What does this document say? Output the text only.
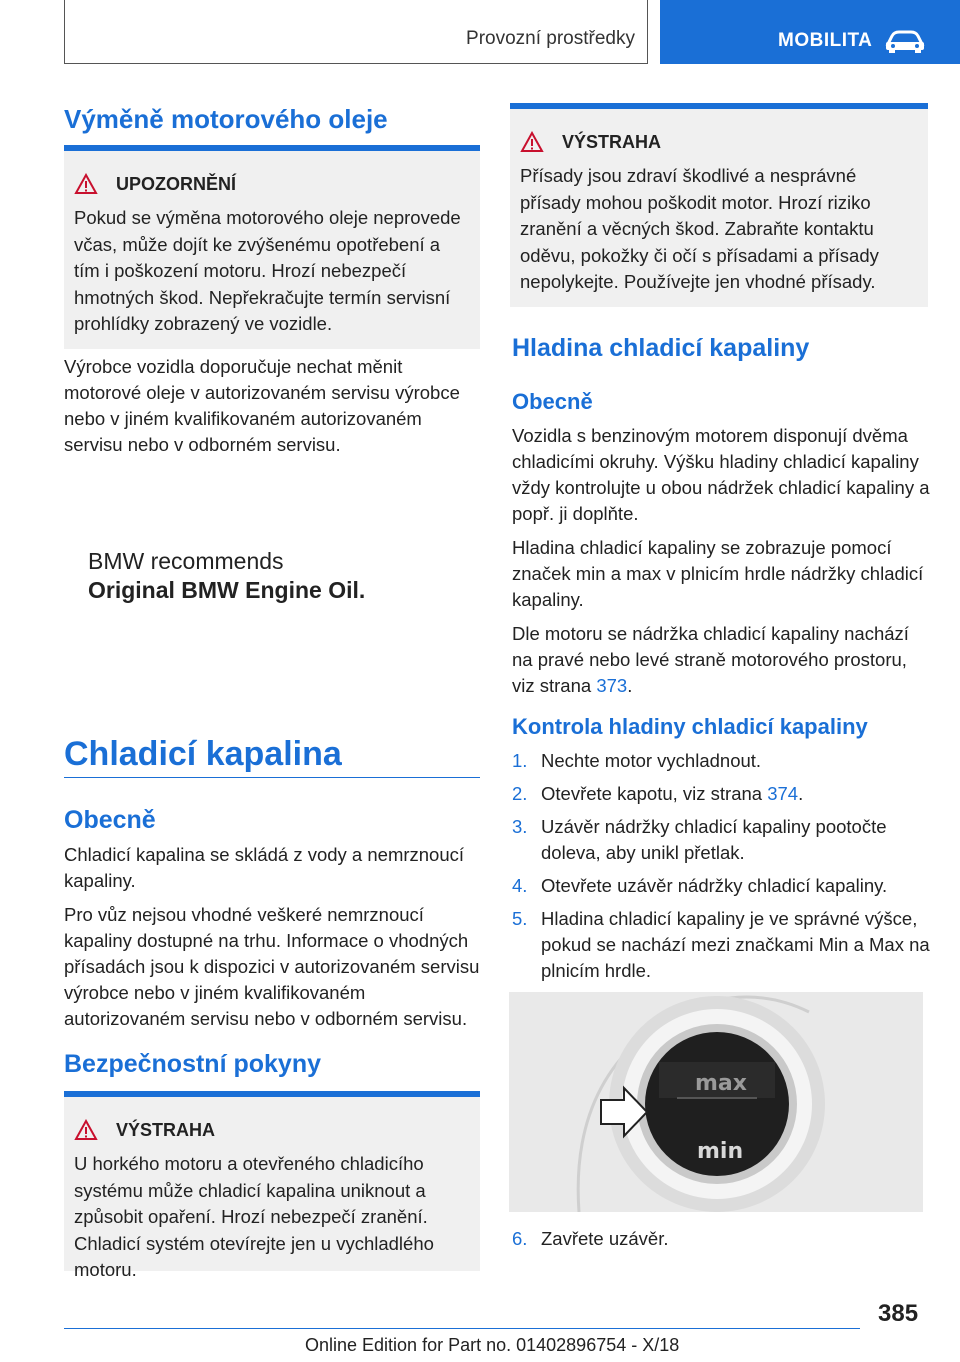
Provozní prostředky	MOBILITA
Výměně motorového oleje
UPOZORNĚNÍ
Pokud se výměna motorového oleje neprovede včas, může dojít ke zvýšenému opotřebení a tím i poškození motoru. Hrozí nebezpečí hmotných škod. Nepřekračujte termín servisní prohlídky zobrazený ve vozidle.
Výrobce vozidla doporučuje nechat měnit motorové oleje v autorizovaném servisu výrobce nebo v jiném kvalifikovaném autorizovaném servisu nebo v odborném servisu.
BMW recommends
Original BMW Engine Oil.
Chladicí kapalina
Obecně

Chladicí kapalina se skládá z vody a nemrznoucí kapaliny.

Pro vůz nejsou vhodné veškeré nemrznoucí kapaliny dostupné na trhu. Informace o vhodných přísadách jsou k dispozici v autorizovaném servisu výrobce nebo v jiném kvalifikovaném autorizovaném servisu nebo v odborném servisu.

Bezpečnostní pokyny
VÝSTRAHA
U horkého motoru a otevřeného chladicího systému může chladicí kapalina uniknout a způsobit opaření. Hrozí nebezpečí zranění. Chladicí systém otevírejte jen u vychladlého motoru.
VÝSTRAHA
Přísady jsou zdraví škodlivé a nesprávné přísady mohou poškodit motor. Hrozí riziko zranění a věcných škod. Zabraňte kontaktu oděvu, pokožky či očí s přísadami a přísady nepolykejte. Používejte jen vhodné přísady.
Hladina chladicí kapaliny
Obecně

Vozidla s benzinovým motorem disponují dvěma chladicími okruhy. Výšku hladiny chladicí kapaliny vždy kontrolujte u obou nádržek chladicí kapaliny a popř. ji doplňte.

Hladina chladicí kapaliny se zobrazuje pomocí značek min a max v plnicím hrdle nádržky chladicí kapaliny.

Dle motoru se nádržka chladicí kapaliny nachází na pravé nebo levé straně motorového prostoru, viz strana 373.

Kontrola hladiny chladicí kapaliny
1. Nechte motor vychladnout.
2. Otevřete kapotu, viz strana 374.
3. Uzávěr nádržky chladicí kapaliny pootočte doleva, aby unikl přetlak.
4. Otevřete uzávěr nádržky chladicí kapaliny.
5. Hladina chladicí kapaliny je ve správné výšce, pokud se nachází mezi značkami Min a Max na plnicím hrdle.
max
min
6. Zavřete uzávěr.
385
Online Edition for Part no. 01402896754 - X/18
